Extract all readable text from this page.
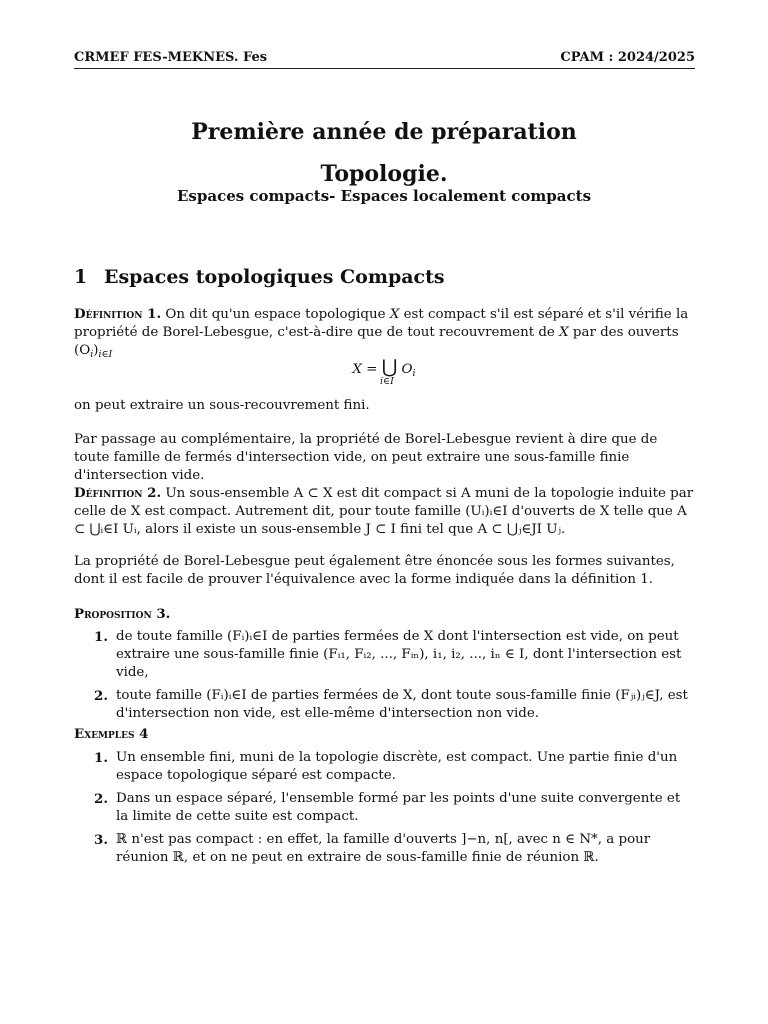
CRMEF FES-MEKNES. Fes	CPAM : 2024/2025
Première année de préparation
Topologie.
Espaces compacts- Espaces localement compacts
1 Espaces topologiques Compacts

Définition 1. On dit qu'un espace topologique X est compact s'il est séparé et s'il vérifie la propriété de Borel-Lebesgue, c'est-à-dire que de tout recouvrement de X par des ouverts $(O_i)_{i\in I}$

X = ⋃ $O_i$
i∈I

on peut extraire un sous-recouvrement fini.

Par passage au complémentaire, la propriété de Borel-Lebesgue revient à dire que de toute famille de fermés d'intersection vide, on peut extraire une sous-famille finie d'intersection vide.

Définition 2. Un sous-ensemble A ⊂ X est dit compact si A muni de la topologie induite par celle de X est compact. Autrement dit, pour toute famille (Uᵢ)ᵢ∈I d'ouverts de X telle que A ⊂ ⋃ᵢ∈I Uᵢ, alors il existe un sous-ensemble J ⊂ I fini tel que A ⊂ ⋃ⱼ∈JI Uⱼ.

La propriété de Borel-Lebesgue peut également être énoncée sous les formes suivantes, dont il est facile de prouver l'équivalence avec la forme indiquée dans la définition 1.

Proposition 3.

1. de toute famille (Fᵢ)ᵢ∈I de parties fermées de X dont l'intersection est vide, on peut extraire une sous-famille finie (Fᵢ₁, Fᵢ₂, ..., Fᵢₙ), i₁, i₂, ..., iₙ ∈ I, dont l'intersection est vide,
2. toute famille (Fᵢ)ᵢ∈I de parties fermées de X, dont toute sous-famille finie (Fⱼᵢ)ⱼ∈J, est d'intersection non vide, est elle-même d'intersection non vide.

Exemples 4

1. Un ensemble fini, muni de la topologie discrète, est compact. Une partie finie d'un espace topologique séparé est compacte.
2. Dans un espace séparé, l'ensemble formé par les points d'une suite convergente et la limite de cette suite est compact.
3. ℝ n'est pas compact : en effet, la famille d'ouverts ]−n, n[, avec n ∈ N*, a pour réunion ℝ, et on ne peut en extraire de sous-famille finie de réunion ℝ.
